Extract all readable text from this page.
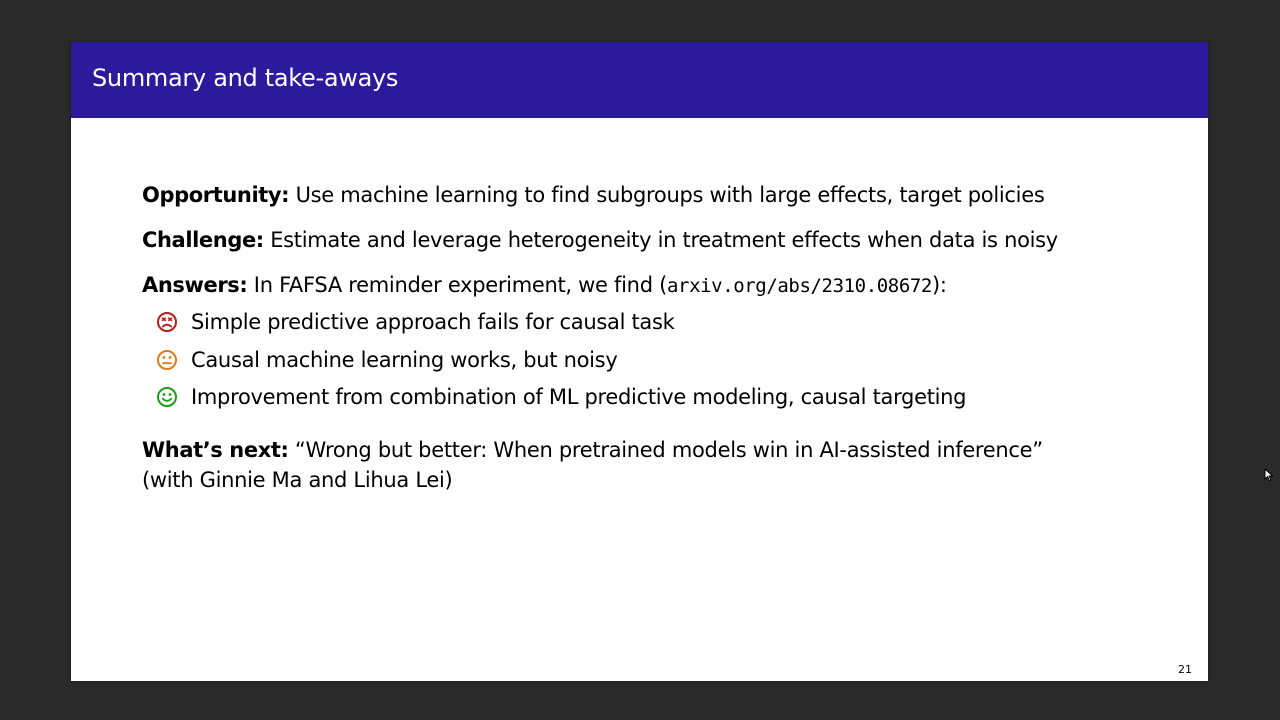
Summary and take-aways
Opportunity: Use machine learning to find subgroups with large effects, target policies
Challenge: Estimate and leverage heterogeneity in treatment effects when data is noisy
Answers: In FAFSA reminder experiment, we find (arxiv.org/abs/2310.08672):
Simple predictive approach fails for causal task
Causal machine learning works, but noisy
Improvement from combination of ML predictive modeling, causal targeting
What’s next: “Wrong but better: When pretrained models win in AI-assisted inference”
(with Ginnie Ma and Lihua Lei)
21
